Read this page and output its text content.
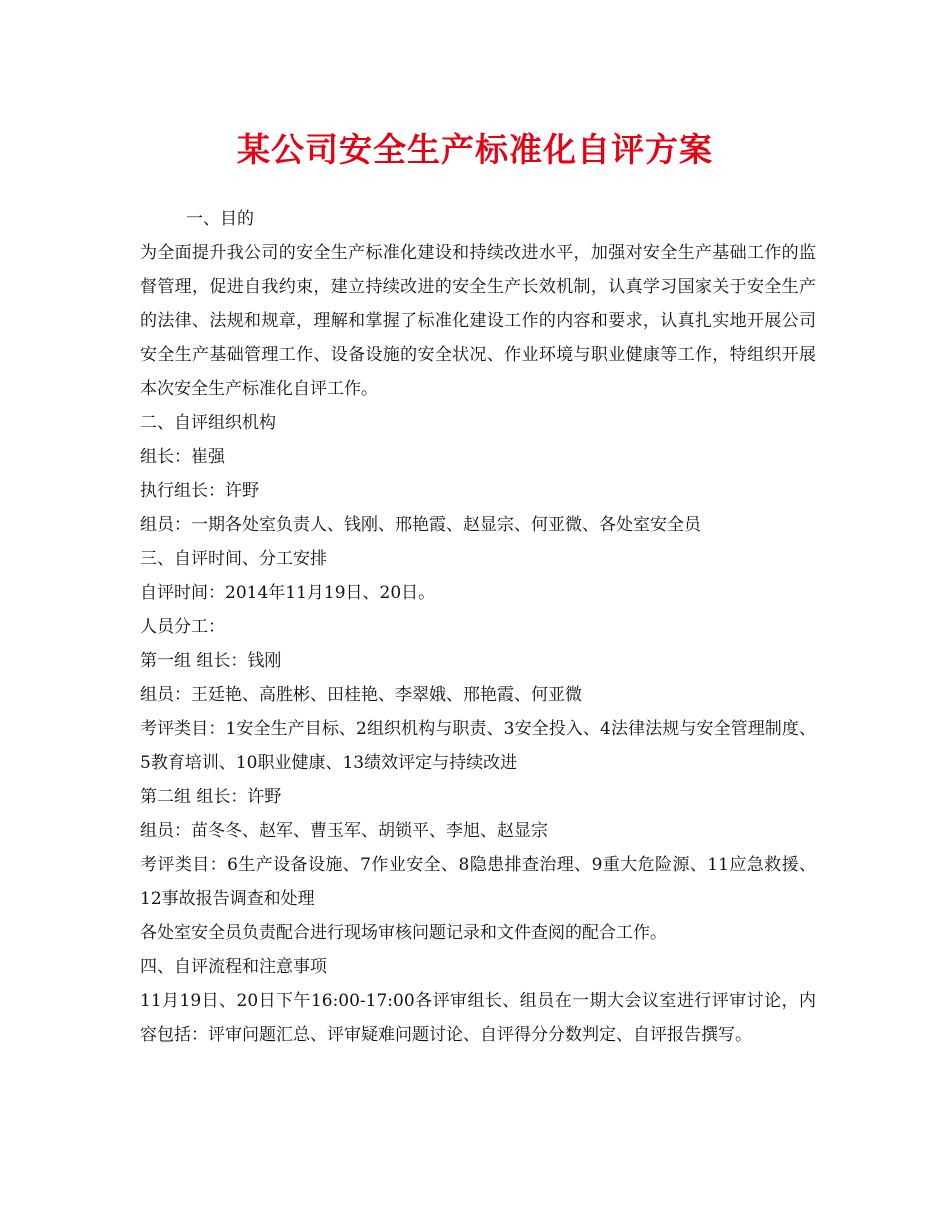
某公司安全生产标准化自评方案

一、目的

为全面提升我公司的安全生产标准化建设和持续改进水平，加强对安全生产基础工作的监督管理，促进自我约束，建立持续改进的安全生产长效机制，认真学习国家关于安全生产的法律、法规和规章，理解和掌握了标准化建设工作的内容和要求，认真扎实地开展公司安全生产基础管理工作、设备设施的安全状况、作业环境与职业健康等工作，特组织开展本次安全生产标准化自评工作。

二、自评组织机构

组长：崔强

执行组长：许野

组员：一期各处室负责人、钱刚、邢艳霞、赵显宗、何亚微、各处室安全员

三、自评时间、分工安排

自评时间：2014年11月19日、20日。

人员分工：

第一组 组长：钱刚

组员：王廷艳、高胜彬、田桂艳、李翠娥、邢艳霞、何亚微

考评类目：1安全生产目标、2组织机构与职责、3安全投入、4法律法规与安全管理制度、5教育培训、10职业健康、13绩效评定与持续改进

第二组 组长：许野

组员：苗冬冬、赵军、曹玉军、胡锁平、李旭、赵显宗

考评类目：6生产设备设施、7作业安全、8隐患排查治理、9重大危险源、11应急救援、12事故报告调查和处理

各处室安全员负责配合进行现场审核问题记录和文件查阅的配合工作。

四、自评流程和注意事项

11月19日、20日下午16:00-17:00各评审组长、组员在一期大会议室进行评审讨论，内容包括：评审问题汇总、评审疑难问题讨论、自评得分分数判定、自评报告撰写。
